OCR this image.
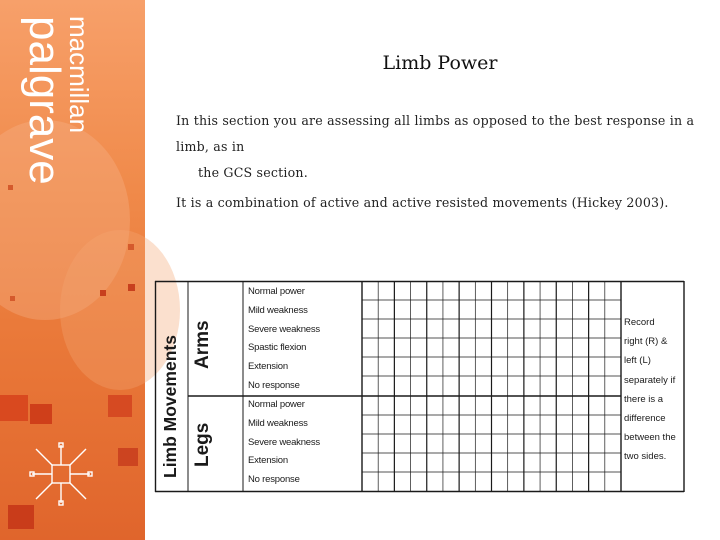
palgrave
macmillan	Limb Power
In this section you are assessing all limbs as opposed to the best response in a limb, as in
the GCS section.
It is a combination of active and active resisted movements (Hickey 2003).
Limb Movements Arms
Legs
Normal power
Mild weakness
Severe weakness
Spastic flexion
Extension
No response
Normal power
Mild weakness
Severe weakness
Extension
No response
Record
right (R) &
left (L)
separately if
there is a
difference
between the
two sides.
